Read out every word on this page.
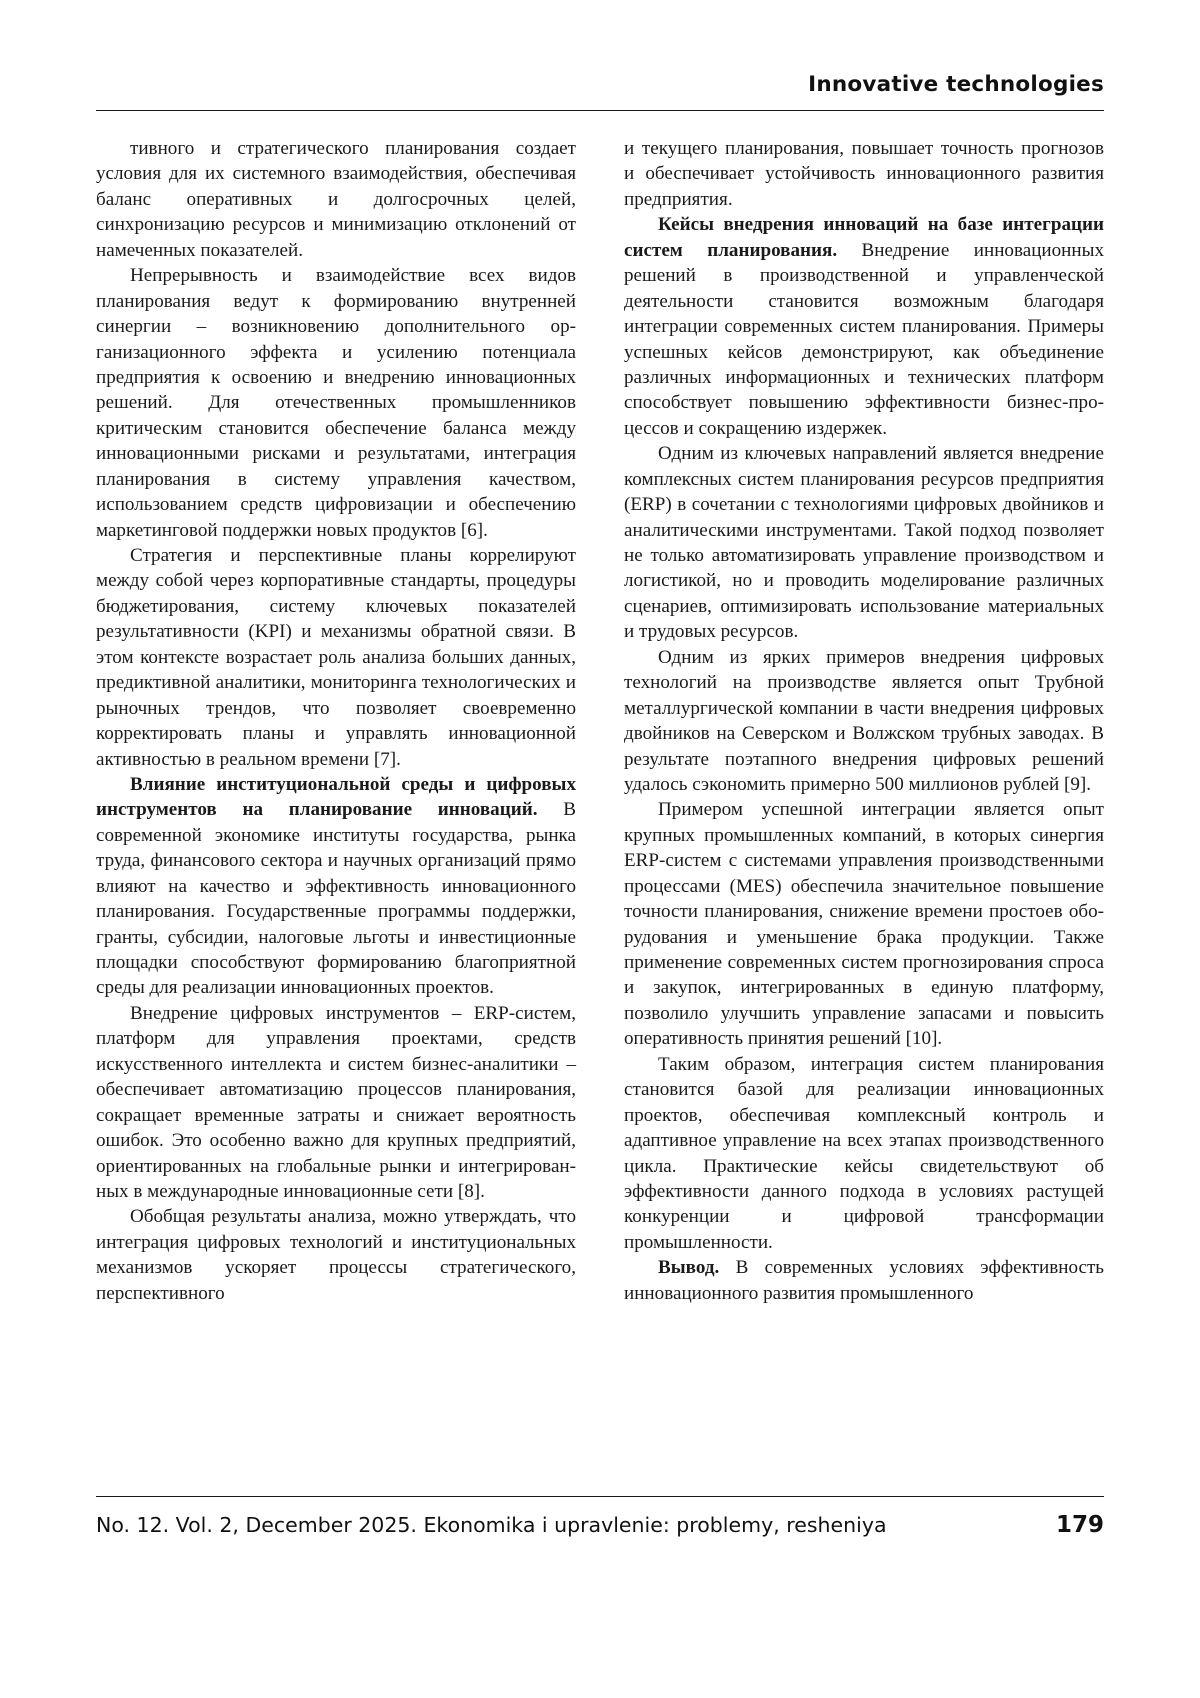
Innovative technologies

тивного и стратегического планирования создает условия для их системного взаимодействия, обеспечивая баланс оперативных и долгосрочных целей, синхронизацию ресурсов и минимизацию отклонений от намеченных показателей.

Непрерывность и взаимодействие всех видов планирования ведут к формированию внутренней синергии – возникновению дополнительного организационного эффекта и усилению потенциала предприятия к освоению и внедрению инновационных решений. Для отечественных промышленников критическим становится обеспечение баланса между инновационными рисками и результатами, интеграция планирования в систему управления качеством, использованием средств цифровизации и обеспечению маркетинговой поддержки новых продуктов [6].

Стратегия и перспективные планы коррелируют между собой через корпоративные стандарты, процедуры бюджетирования, систему ключевых показателей результативности (KPI) и механизмы обратной связи. В этом контексте возрастает роль анализа больших данных, предиктивной аналитики, мониторинга технологических и рыночных трендов, что позволяет своевременно корректировать планы и управлять инновационной активностью в реальном времени [7].

Влияние институциональной среды и цифровых инструментов на планирование инноваций. В современной экономике институты государства, рынка труда, финансового сектора и научных организаций прямо влияют на качество и эффективность инновационного планирования. Государственные программы поддержки, гранты, субсидии, налоговые льготы и инвестиционные площадки способствуют формированию благоприятной среды для реализации инновационных проектов.

Внедрение цифровых инструментов – ERP-систем, платформ для управления проектами, средств искусственного интеллекта и систем бизнес-аналитики – обеспечивает автоматизацию процессов планирования, сокращает временные затраты и снижает вероятность ошибок. Это особенно важно для крупных предприятий, ориентированных на глобальные рынки и интегрированных в международные инновационные сети [8].

Обобщая результаты анализа, можно утверждать, что интеграция цифровых технологий и институциональных механизмов ускоряет процессы стратегического, перспективного

и текущего планирования, повышает точность прогнозов и обеспечивает устойчивость инновационного развития предприятия.

Кейсы внедрения инноваций на базе интеграции систем планирования. Внедрение инновационных решений в производственной и управленческой деятельности становится возможным благодаря интеграции современных систем планирования. Примеры успешных кейсов демонстрируют, как объединение различных информационных и технических платформ способствует повышению эффективности бизнес-процессов и сокращению издержек.

Одним из ключевых направлений является внедрение комплексных систем планирования ресурсов предприятия (ERP) в сочетании с технологиями цифровых двойников и аналитическими инструментами. Такой подход позволяет не только автоматизировать управление производством и логистикой, но и проводить моделирование различных сценариев, оптимизировать использование материальных и трудовых ресурсов.

Одним из ярких примеров внедрения цифровых технологий на производстве является опыт Трубной металлургической компании в части внедрения цифровых двойников на Северском и Волжском трубных заводах. В результате поэтапного внедрения цифровых решений удалось сэкономить примерно 500 миллионов рублей [9].

Примером успешной интеграции является опыт крупных промышленных компаний, в которых синергия ERP-систем с системами управления производственными процессами (MES) обеспечила значительное повышение точности планирования, снижение времени простоев оборудования и уменьшение брака продукции. Также применение современных систем прогнозирования спроса и закупок, интегрированных в единую платформу, позволило улучшить управление запасами и повысить оперативность принятия решений [10].

Таким образом, интеграция систем планирования становится базой для реализации инновационных проектов, обеспечивая комплексный контроль и адаптивное управление на всех этапах производственного цикла. Практические кейсы свидетельствуют об эффективности данного подхода в условиях растущей конкуренции и цифровой трансформации промышленности.

Вывод. В современных условиях эффективность инновационного развития промышленного

No. 12. Vol. 2, December 2025. Ekonomika i upravlenie: problemy, resheniya	179
